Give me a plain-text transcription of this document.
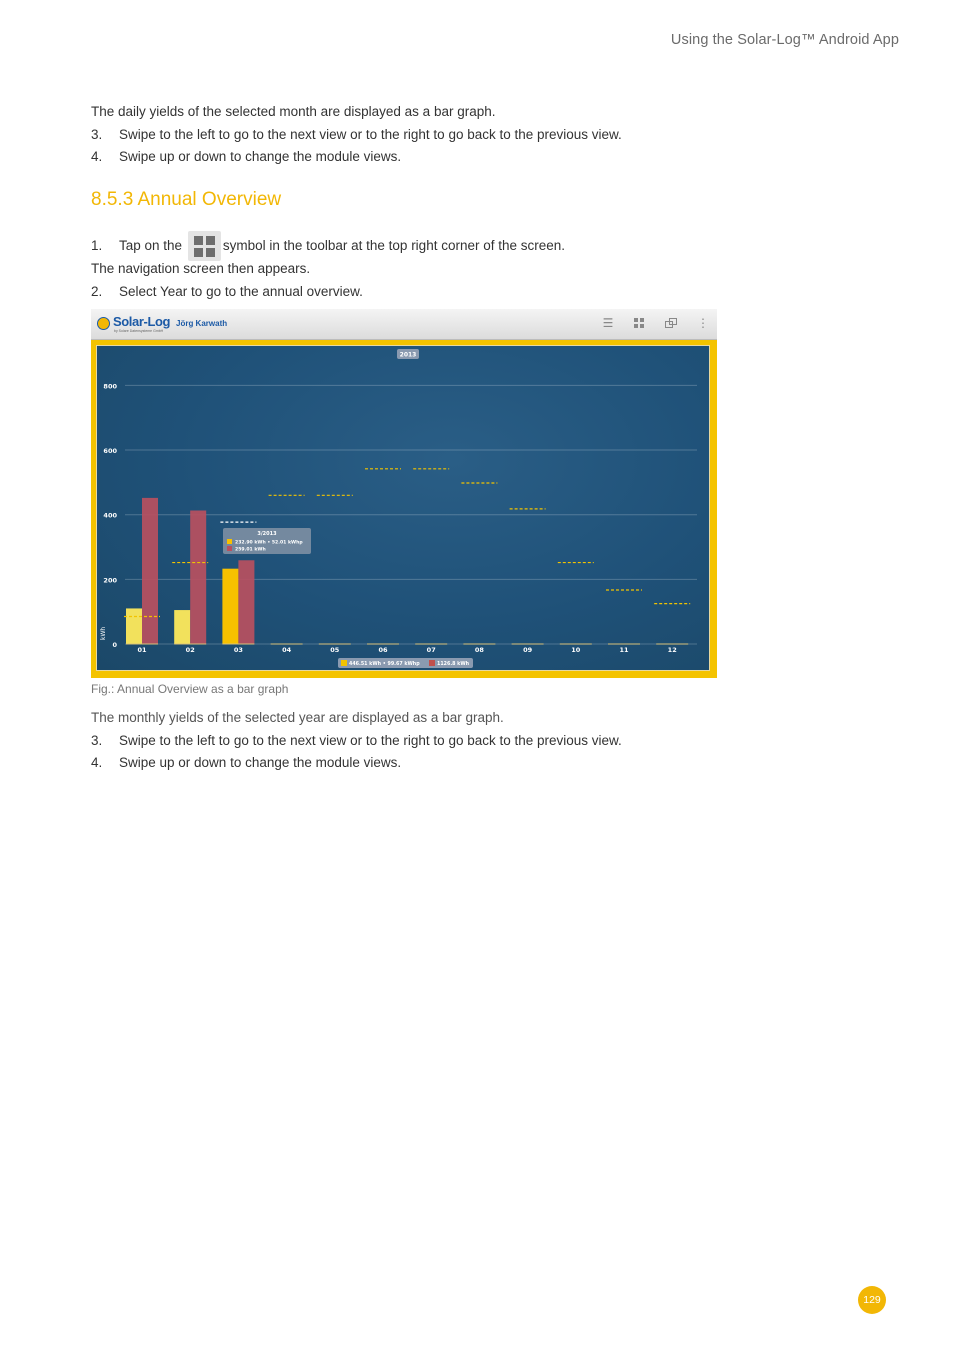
Using the Solar-Log™ Android App
The daily yields of the selected month are displayed as a bar graph.
3. Swipe to the left to go to the next view or to the right to go back to the previous view.
4. Swipe up or down to change the module views.
8.5.3 Annual Overview
1. Tap on the	symbol in the toolbar at the top right corner of the screen.
The navigation screen then appears.
2. Select Year to go to the annual overview.
Solar-Log
by Solare Datensysteme GmbH
Jörg Karwath	☰	⋮
0
200
400
600
800
kWh
2013
01	02	03	04	05	06	07	08	09	10	11	12
3/2013
232.90 kWh • 52.01 kWhp
259.01 kWh
446.51 kWh • 99.67 kWhp	1126.8 kWh
Fig.: Annual Overview as a bar graph
The monthly yields of the selected year are displayed as a bar graph.
3. Swipe to the left to go to the next view or to the right to go back to the previous view.
4. Swipe up or down to change the module views.
129
